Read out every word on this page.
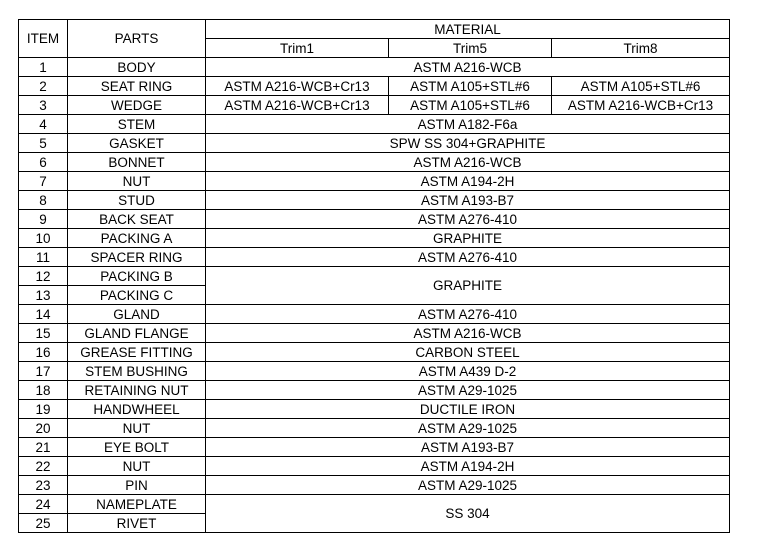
ITEM	PARTS	MATERIAL		
		Trim1	Trim5	Trim8
1	BODY	ASTM A216-WCB		
2	SEAT RING	ASTM A216-WCB+Cr13	ASTM A105+STL#6	ASTM A105+STL#6
3	WEDGE	ASTM A216-WCB+Cr13	ASTM A105+STL#6	ASTM A216-WCB+Cr13
4	STEM	ASTM A182-F6a		
5	GASKET	SPW SS 304+GRAPHITE		
6	BONNET	ASTM A216-WCB		
7	NUT	ASTM A194-2H		
8	STUD	ASTM A193-B7		
9	BACK SEAT	ASTM A276-410		
10	PACKING A	GRAPHITE		
11	SPACER RING	ASTM A276-410		
12	PACKING B	GRAPHITE		
13	PACKING C			
14	GLAND	ASTM A276-410		
15	GLAND FLANGE	ASTM A216-WCB		
16	GREASE FITTING	CARBON STEEL		
17	STEM BUSHING	ASTM A439 D-2		
18	RETAINING NUT	ASTM A29-1025		
19	HANDWHEEL	DUCTILE IRON		
20	NUT	ASTM A29-1025		
21	EYE BOLT	ASTM A193-B7		
22	NUT	ASTM A194-2H		
23	PIN	ASTM A29-1025		
24	NAMEPLATE	SS 304		
25	RIVET			
